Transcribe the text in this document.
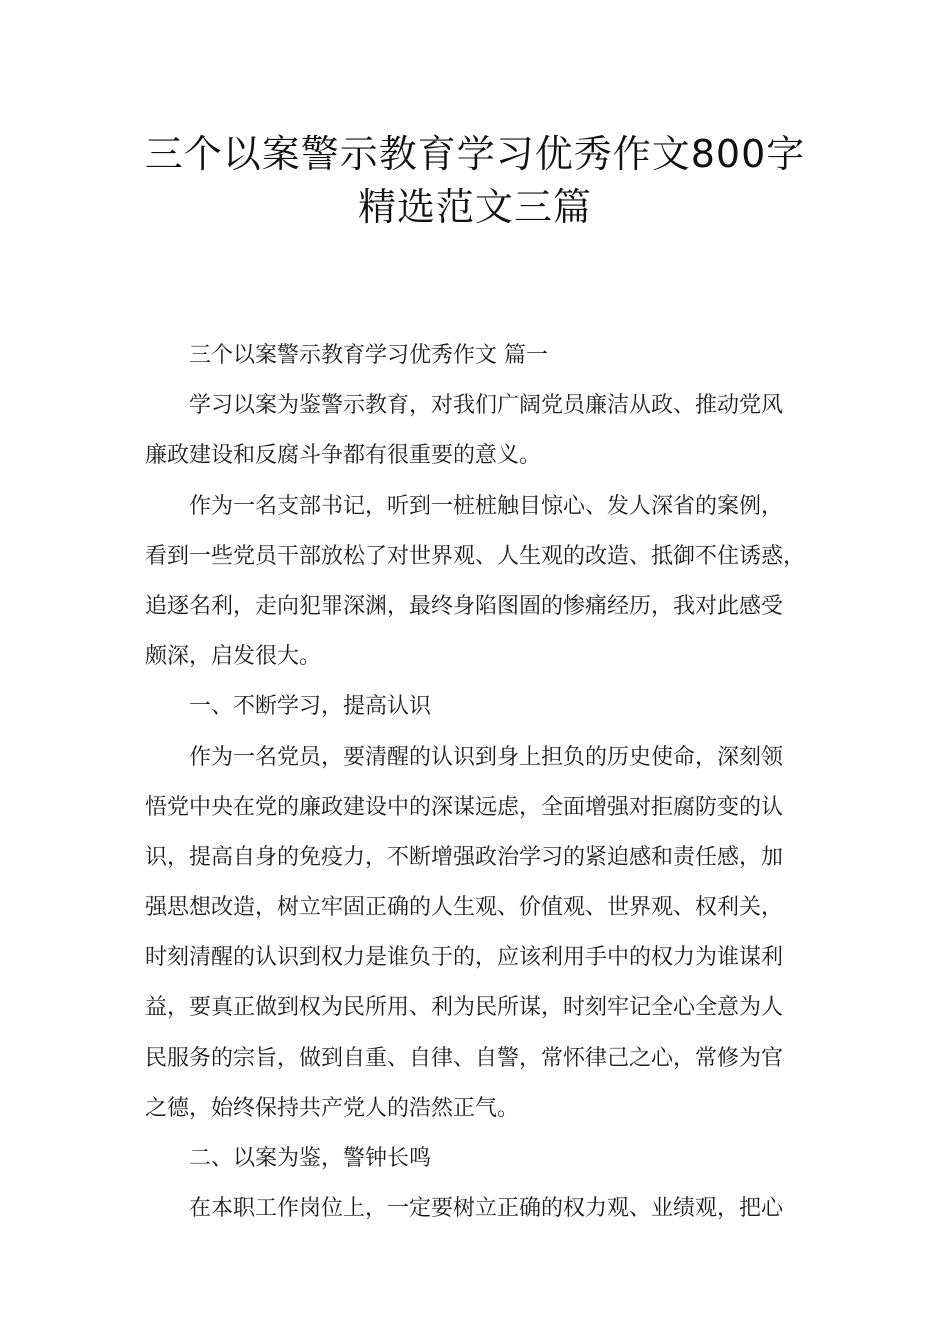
三个以案警示教育学习优秀作文800字
精选范文三篇

三个以案警示教育学习优秀作文 篇一

学习以案为鉴警示教育，对我们广阔党员廉洁从政、推动党风
廉政建设和反腐斗争都有很重要的意义。

作为一名支部书记，听到一桩桩触目惊心、发人深省的案例，
看到一些党员干部放松了对世界观、人生观的改造、抵御不住诱惑，
追逐名利，走向犯罪深渊，最终身陷图圄的惨痛经历，我对此感受
颇深，启发很大。

一、不断学习，提高认识

作为一名党员，要清醒的认识到身上担负的历史使命，深刻领
悟党中央在党的廉政建设中的深谋远虑，全面增强对拒腐防变的认
识，提高自身的免疫力，不断增强政治学习的紧迫感和责任感，加
强思想改造，树立牢固正确的人生观、价值观、世界观、权利关，
时刻清醒的认识到权力是谁负于的，应该利用手中的权力为谁谋利
益，要真正做到权为民所用、利为民所谋，时刻牢记全心全意为人
民服务的宗旨，做到自重、自律、自警，常怀律己之心，常修为官
之德，始终保持共产党人的浩然正气。

二、以案为鉴，警钟长鸣

在本职工作岗位上，一定要树立正确的权力观、业绩观，把心
